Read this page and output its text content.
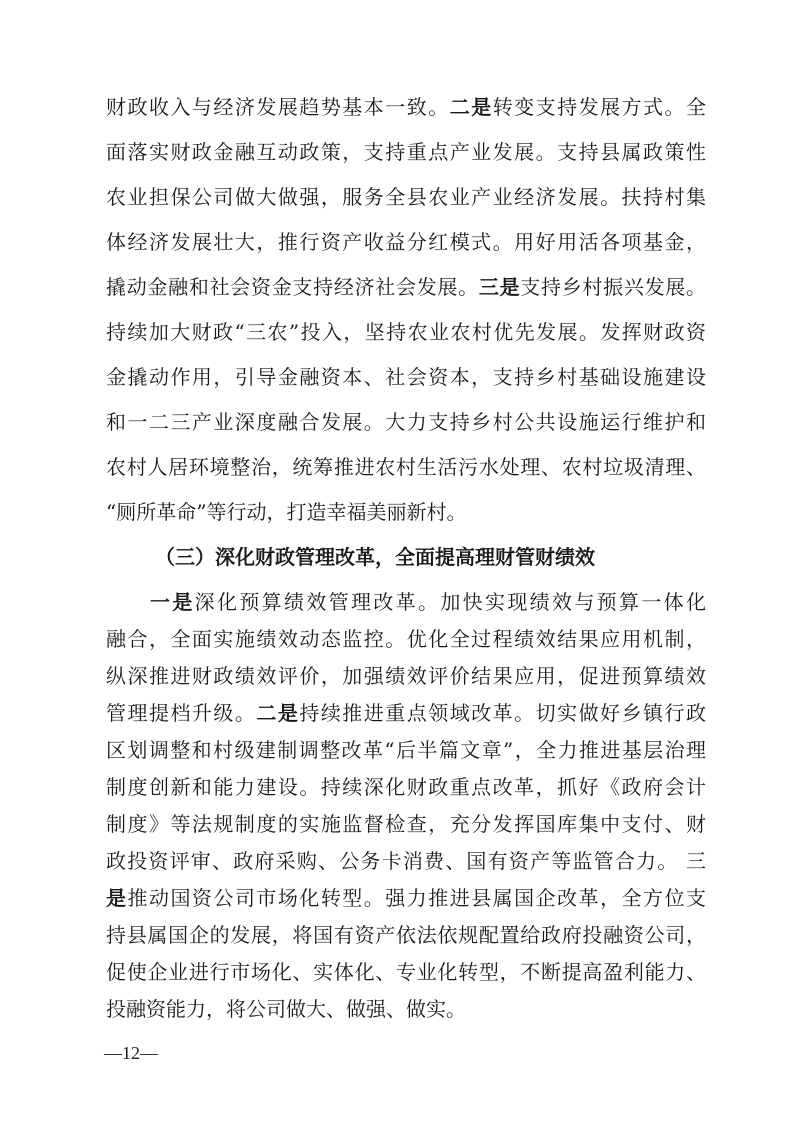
财政收入与经济发展趋势基本一致。二是转变支持发展方式。全
面落实财政金融互动政策，支持重点产业发展。支持县属政策性
农业担保公司做大做强，服务全县农业产业经济发展。扶持村集
体经济发展壮大，推行资产收益分红模式。用好用活各项基金，
撬动金融和社会资金支持经济社会发展。三是支持乡村振兴发展。
持续加大财政“三农”投入，坚持农业农村优先发展。发挥财政资
金撬动作用，引导金融资本、社会资本，支持乡村基础设施建设
和一二三产业深度融合发展。大力支持乡村公共设施运行维护和
农村人居环境整治，统筹推进农村生活污水处理、农村垃圾清理、
“厕所革命”等行动，打造幸福美丽新村。
（三）深化财政管理改革，全面提高理财管财绩效
一是深化预算绩效管理改革。加快实现绩效与预算一体化
融合，全面实施绩效动态监控。优化全过程绩效结果应用机制，
纵深推进财政绩效评价，加强绩效评价结果应用，促进预算绩效
管理提档升级。二是持续推进重点领域改革。切实做好乡镇行政
区划调整和村级建制调整改革“后半篇文章”，全力推进基层治理
制度创新和能力建设。持续深化财政重点改革，抓好《政府会计
制度》等法规制度的实施监督检查，充分发挥国库集中支付、财
政投资评审、政府采购、公务卡消费、国有资产等监管合力。 三
是推动国资公司市场化转型。强力推进县属国企改革，全方位支
持县属国企的发展，将国有资产依法依规配置给政府投融资公司，
—12—
促使企业进行市场化、实体化、专业化转型，不断提高盈利能力、
投融资能力，将公司做大、做强、做实。
